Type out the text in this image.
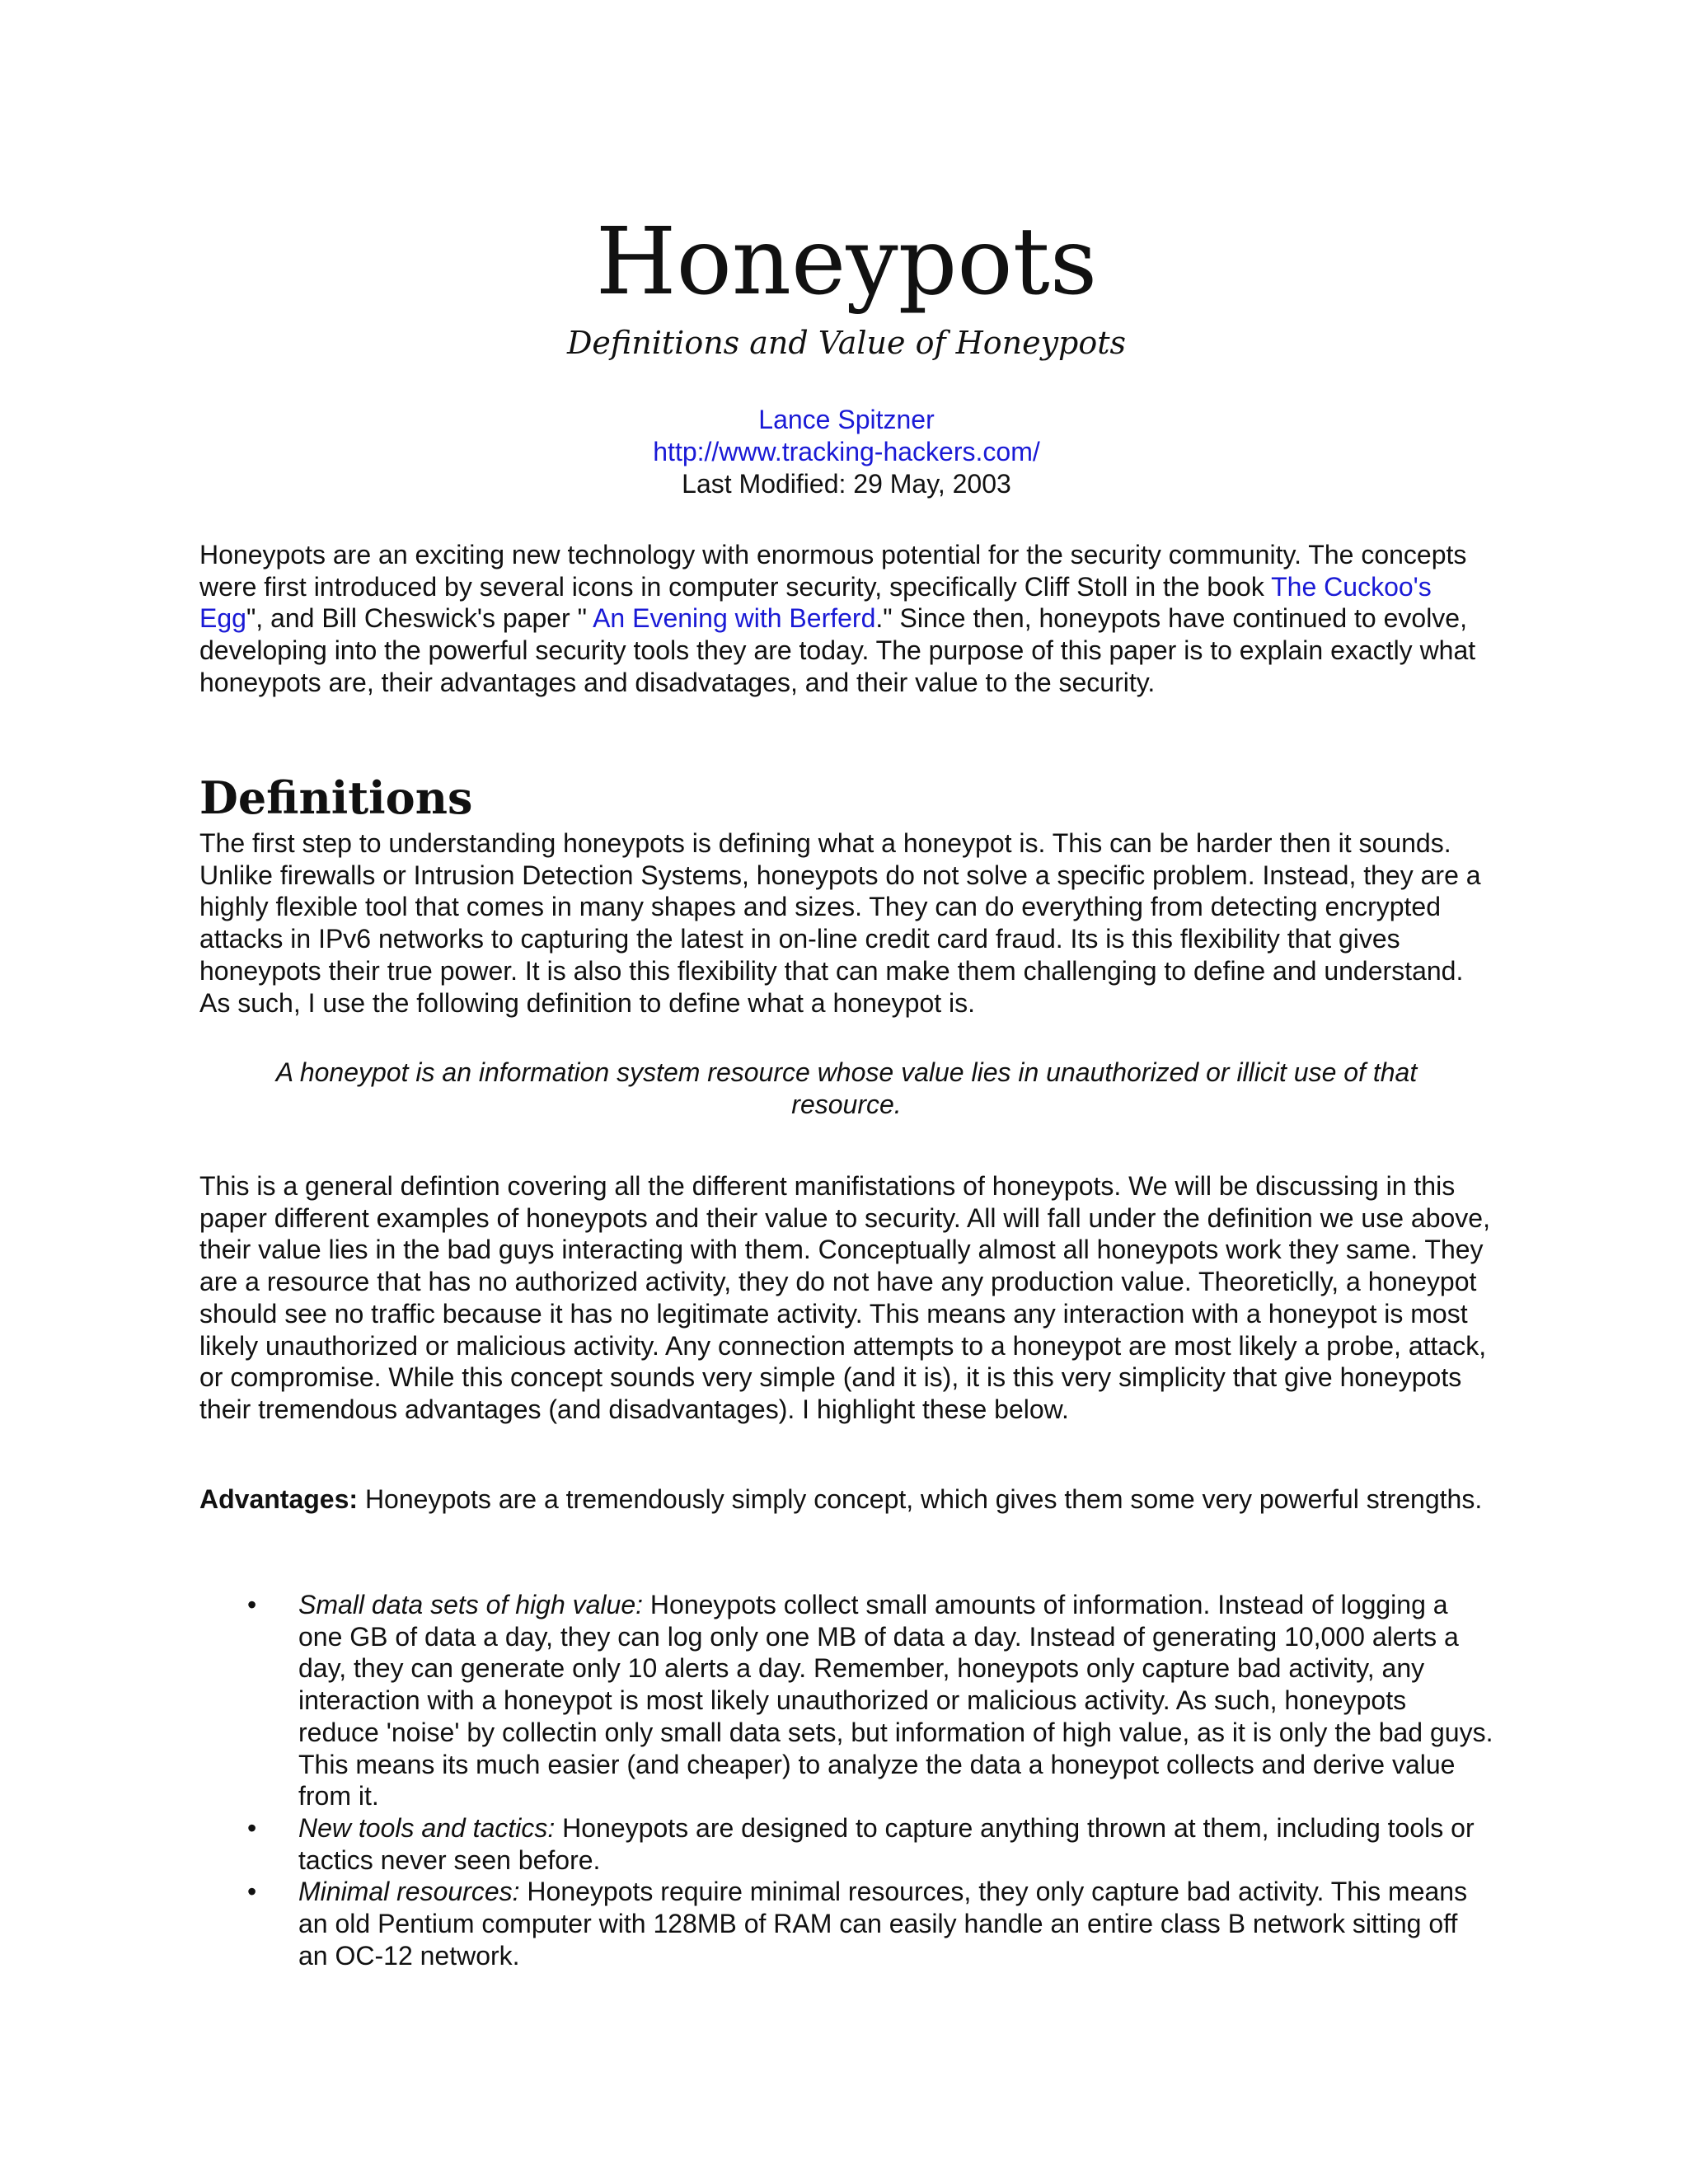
Honeypots

Definitions and Value of Honeypots

Lance Spitzner
http://www.tracking-hackers.com/
Last Modified: 29 May, 2003

Honeypots are an exciting new technology with enormous potential for the security community. The concepts were first introduced by several icons in computer security, specifically Cliff Stoll in the book The Cuckoo's Egg", and Bill Cheswick's paper " An Evening with Berferd." Since then, honeypots have continued to evolve, developing into the powerful security tools they are today. The purpose of this paper is to explain exactly what honeypots are, their advantages and disadvatages, and their value to the security.

Definitions

The first step to understanding honeypots is defining what a honeypot is. This can be harder then it sounds. Unlike firewalls or Intrusion Detection Systems, honeypots do not solve a specific problem. Instead, they are a highly flexible tool that comes in many shapes and sizes. They can do everything from detecting encrypted attacks in IPv6 networks to capturing the latest in on-line credit card fraud. Its is this flexibility that gives honeypots their true power. It is also this flexibility that can make them challenging to define and understand. As such, I use the following definition to define what a honeypot is.

A honeypot is an information system resource whose value lies in unauthorized or illicit use of that resource.

This is a general defintion covering all the different manifistations of honeypots. We will be discussing in this paper different examples of honeypots and their value to security. All will fall under the definition we use above, their value lies in the bad guys interacting with them. Conceptually almost all honeypots work they same. They are a resource that has no authorized activity, they do not have any production value. Theoreticlly, a honeypot should see no traffic because it has no legitimate activity. This means any interaction with a honeypot is most likely unauthorized or malicious activity. Any connection attempts to a honeypot are most likely a probe, attack, or compromise. While this concept sounds very simple (and it is), it is this very simplicity that give honeypots their tremendous advantages (and disadvantages). I highlight these below.

Advantages: Honeypots are a tremendously simply concept, which gives them some very powerful strengths.

• Small data sets of high value: Honeypots collect small amounts of information. Instead of logging a one GB of data a day, they can log only one MB of data a day. Instead of generating 10,000 alerts a day, they can generate only 10 alerts a day. Remember, honeypots only capture bad activity, any interaction with a honeypot is most likely unauthorized or malicious activity. As such, honeypots reduce 'noise' by collectin only small data sets, but information of high value, as it is only the bad guys. This means its much easier (and cheaper) to analyze the data a honeypot collects and derive value from it.
• New tools and tactics: Honeypots are designed to capture anything thrown at them, including tools or tactics never seen before.
• Minimal resources: Honeypots require minimal resources, they only capture bad activity. This means an old Pentium computer with 128MB of RAM can easily handle an entire class B network sitting off an OC-12 network.
